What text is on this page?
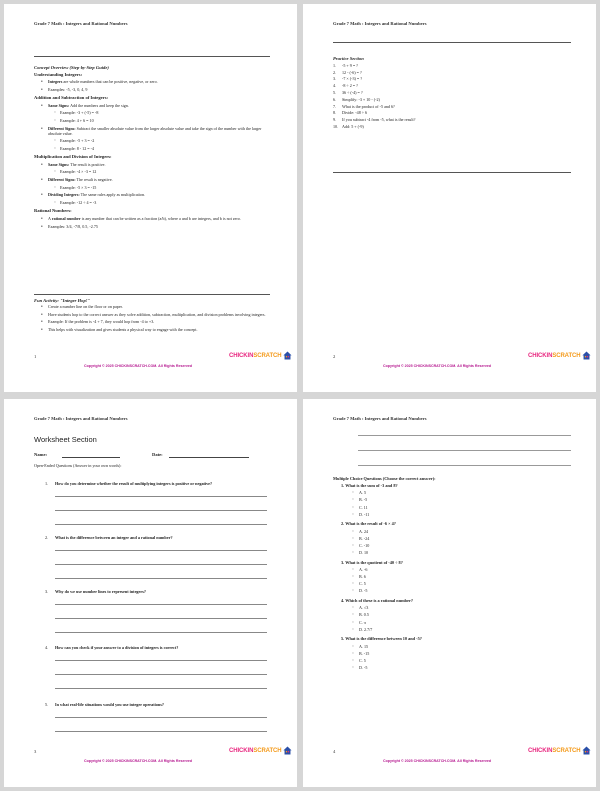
Grade 7 Math : Integers and Rational Numbers
Concept Overview (Step-by-Step Guide)
Understanding Integers:
● Integers are whole numbers that can be positive, negative, or zero.
● Examples: -5, -3, 0, 4, 9
Addition and Subtraction of Integers:
● Same Signs: Add the numbers and keep the sign.
○ Example: -3 + (-5) = -8
○ Example: 4 + 6 = 10
● Different Signs: Subtract the smaller absolute value from the larger absolute value and take the sign of the number with the larger absolute value.
○ Example: -5 + 3 = -2
○ Example: 8 - 12 = -4
Multiplication and Division of Integers:
● Same Signs: The result is positive.
○ Example: -4 × -3 = 12
● Different Signs: The result is negative.
○ Example: -5 × 3 = -15
● Dividing Integers: The same rules apply as multiplication.
○ Example: -12 ÷ 4 = -3
Rational Numbers:
● A rational number is any number that can be written as a fraction (a/b), where a and b are integers, and b is not zero.
● Examples: 3/4, -7/8, 0.5, -2.75
Fun Activity: "Integer Hop!"
● Create a number line on the floor or on paper.
● Have students hop to the correct answer as they solve addition, subtraction, multiplication, and division problems involving integers.
● Example: If the problem is -4 + 7, they would hop from -4 to +3.
● This helps with visualization and gives students a physical way to engage with the concept.
1
Copyright © 2025 CHICKINSCRATCH.COM. All Rights Reserved
CHICKINSCRATCH
Grade 7 Math : Integers and Rational Numbers
Practice Section
1. -5 + 9 = ?
2. 12 - (-6) = ?
3. -7 × (-3) = ?
4. -8 ÷ 2 = ?
5. 36 ÷ (-4) = ?
6. Simplify: -3 + 10 - (-2)
7. What is the product of -5 and 6?
8. Divide: -48 ÷ 6
9. If you subtract -4 from -5, what is the result?
10. Add: 5 + (-9)
2
Copyright © 2025 CHICKINSCRATCH.COM. All Rights Reserved
CHICKINSCRATCH
Grade 7 Math : Integers and Rational Numbers
Worksheet Section
Name:	Date:
Open-Ended Questions (Answer in your own words):
1. How do you determine whether the result of multiplying integers is positive or negative?
2. What is the difference between an integer and a rational number?
3. Why do we use number lines to represent integers?
4. How can you check if your answer to a division of integers is correct?
5. In what real-life situations would you use integer operations?
3
Copyright © 2025 CHICKINSCRATCH.COM. All Rights Reserved
CHICKINSCRATCH
Grade 7 Math : Integers and Rational Numbers
Multiple Choice Questions (Choose the correct answer):
1. What is the sum of -3 and 8?
○ A. 5
○ B. -5
○ C. 11
○ D. -11
2. What is the result of -6 × 4?
○ A. 24
○ B. -24
○ C. -10
○ D. 10
3. What is the quotient of -40 ÷ 8?
○ A. -6
○ B. 6
○ C. 5
○ D. -5
4. Which of these is a rational number?
○ A. √3
○ B. 0.5
○ C. π
○ D. 2.7/7
5. What is the difference between 10 and -5?
○ A. 15
○ B. -15
○ C. 5
○ D. -5
4
Copyright © 2025 CHICKINSCRATCH.COM. All Rights Reserved
CHICKINSCRATCH
